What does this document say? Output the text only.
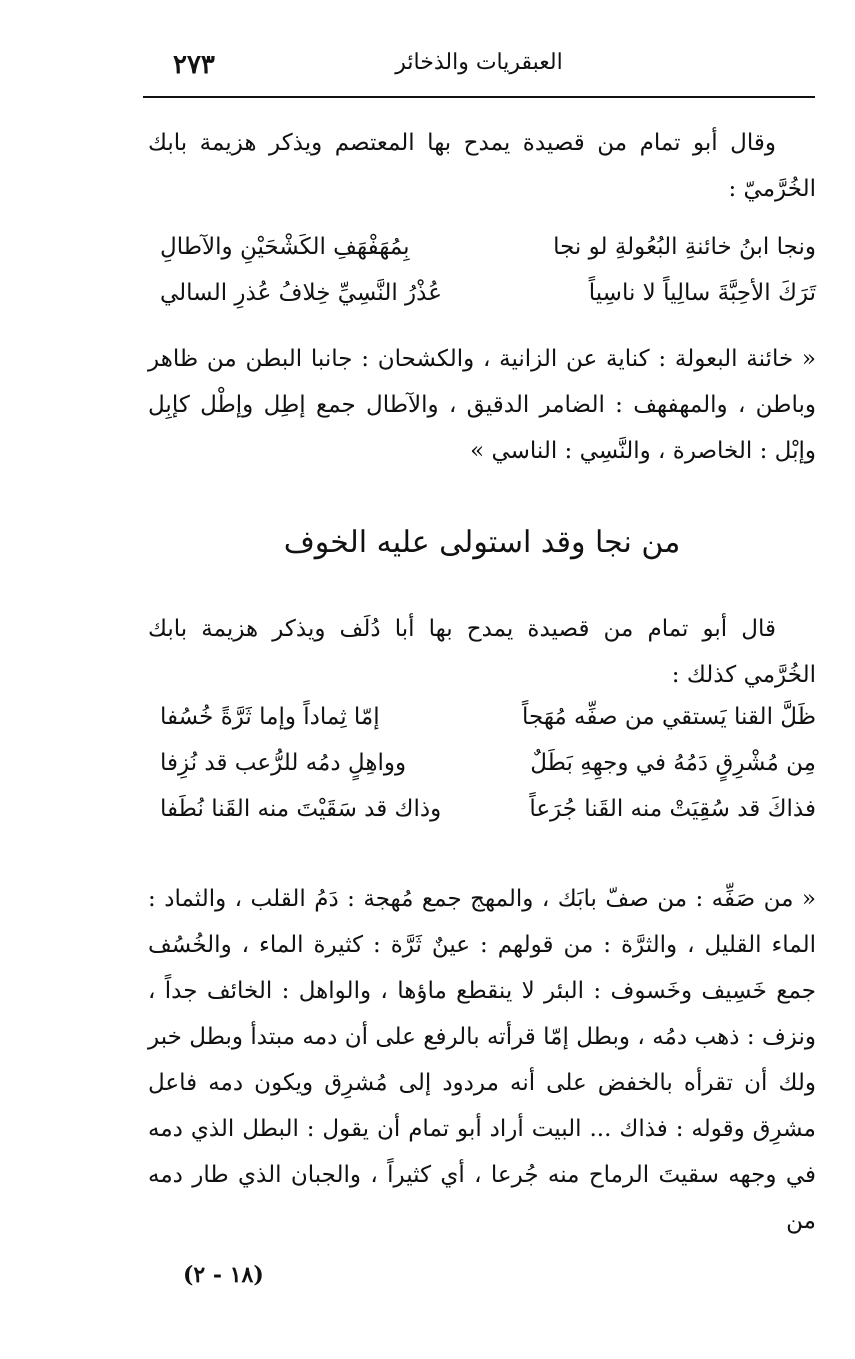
٢٧٣	العبقريات والذخائر
وقال أبو تمام من قصيدة يمدح بها المعتصم ويذكر هزيمة بابك الخُرَّميّ :
ونجا ابنُ خائنةِ البُعُولةِ لو نجا
بِمُهَفْهَفِ الكَشْحَيْنِ والآطالِ
تَرَكَ الأحِبَّةَ سالِياً لا ناسِياً
عُذْرُ النَّسِيِّ خِلافُ عُذرِ السالي
« خائنة البعولة : كناية عن الزانية ، والكشحان : جانبا البطن من ظاهر وباطن ، والمهفهف : الضامر الدقيق ، والآطال جمع إطِل وإطْل كإبِل وإبْل : الخاصرة ، والنَّسِي : الناسي »
من نجا وقد استولى عليه الخوف
قال أبو تمام من قصيدة يمدح بها أبا دُلَف ويذكر هزيمة بابك الخُرَّمي كذلك :
ظَلَّ القنا يَستقي من صفِّه مُهَجاً
إمّا ثِماداً وإما ثَرَّةً خُسُفا
مِن مُشْرِقٍ دَمُهُ في وجهِهِ بَطَلٌ
وواهِلٍ دمُه للرُّعب قد نُزِفا
فذاكَ قد سُقِيَتْ منه القَنا جُرَعاً
وذاك قد سَقَيْتَ منه القَنا نُطَفا
« من صَفِّه : من صفّ بابَك ، والمهج جمع مُهجة : دَمُ القلب ، والثماد : الماء القليل ، والثرَّة : من قولهم : عينٌ ثَرَّة : كثيرة الماء ، والخُسُف جمع خَسِيف وخَسوف : البئر لا ينقطع ماؤها ، والواهل : الخائف جداً ، ونزف : ذهب دمُه ، وبطل إمّا قرأته بالرفع على أن دمه مبتدأ وبطل خبر ولك أن تقرأه بالخفض على أنه مردود إلى مُشرِق ويكون دمه فاعل مشرِق وقوله : فذاك ... البيت أراد أبو تمام أن يقول : البطل الذي دمه في وجهه سقيتَ الرماح منه جُرعا ، أي كثيراً ، والجبان الذي طار دمه من
(١٨ - ٢)
